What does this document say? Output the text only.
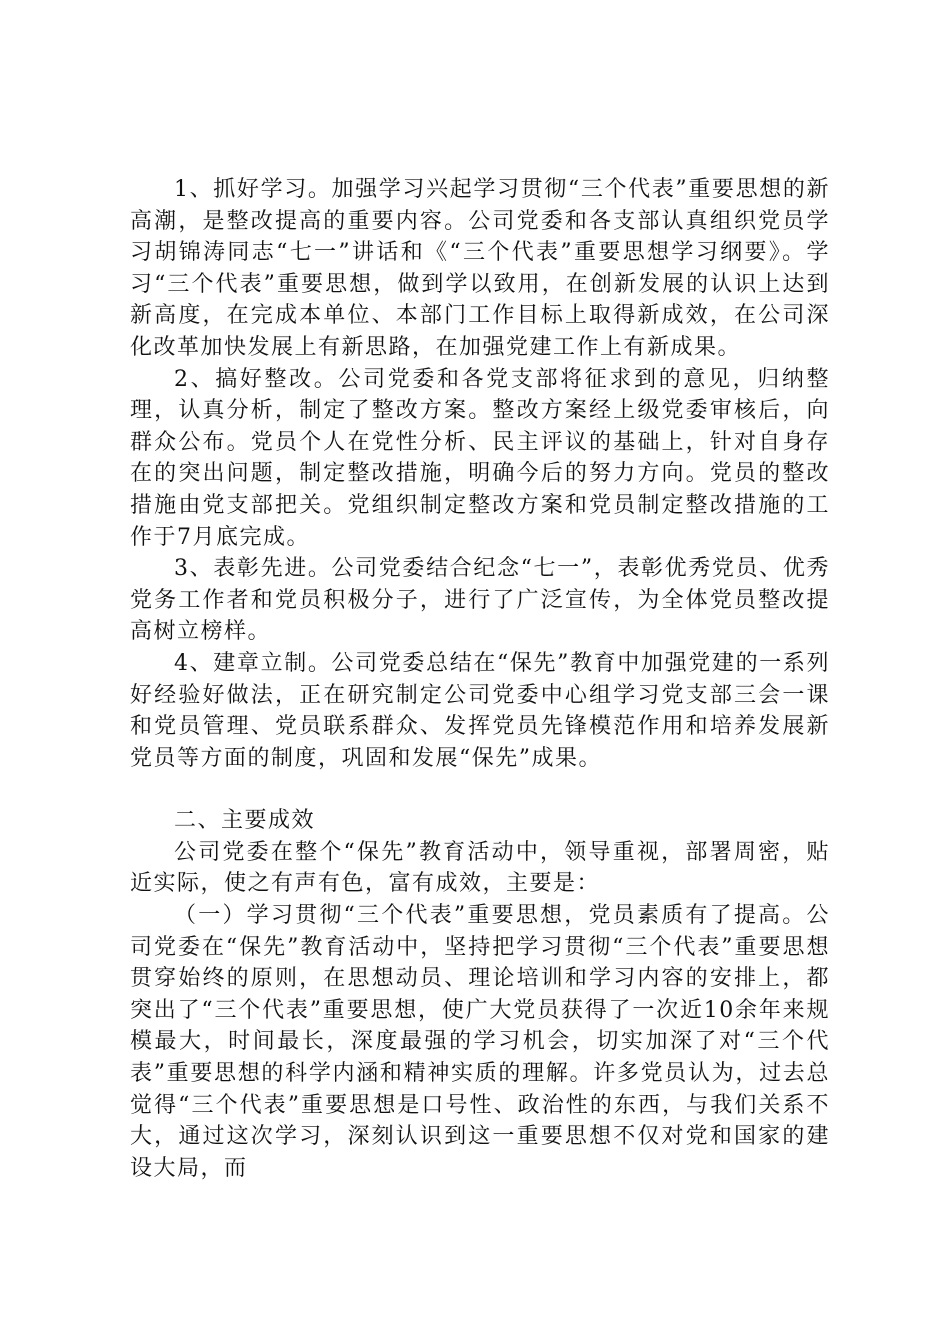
1、抓好学习。加强学习兴起学习贯彻“三个代表”重要思想的新高潮，是整改提高的重要内容。公司党委和各支部认真组织党员学习胡锦涛同志“七一”讲话和《“三个代表”重要思想学习纲要》。学习“三个代表”重要思想，做到学以致用，在创新发展的认识上达到新高度，在完成本单位、本部门工作目标上取得新成效，在公司深化改革加快发展上有新思路，在加强党建工作上有新成果。

2、搞好整改。公司党委和各党支部将征求到的意见，归纳整理，认真分析，制定了整改方案。整改方案经上级党委审核后，向群众公布。党员个人在党性分析、民主评议的基础上，针对自身存在的突出问题，制定整改措施，明确今后的努力方向。党员的整改措施由党支部把关。党组织制定整改方案和党员制定整改措施的工作于7月底完成。

3、表彰先进。公司党委结合纪念“七一”，表彰优秀党员、优秀党务工作者和党员积极分子，进行了广泛宣传，为全体党员整改提高树立榜样。

4、建章立制。公司党委总结在“保先”教育中加强党建的一系列好经验好做法，正在研究制定公司党委中心组学习党支部三会一课和党员管理、党员联系群众、发挥党员先锋模范作用和培养发展新党员等方面的制度，巩固和发展“保先”成果。

二、主要成效

公司党委在整个“保先”教育活动中，领导重视，部署周密，贴近实际，使之有声有色，富有成效，主要是：

（一）学习贯彻“三个代表”重要思想，党员素质有了提高。公司党委在“保先”教育活动中，坚持把学习贯彻“三个代表”重要思想贯穿始终的原则，在思想动员、理论培训和学习内容的安排上，都突出了“三个代表”重要思想，使广大党员获得了一次近10余年来规模最大，时间最长，深度最强的学习机会，切实加深了对“三个代表”重要思想的科学内涵和精神实质的理解。许多党员认为，过去总觉得“三个代表”重要思想是口号性、政治性的东西，与我们关系不大，通过这次学习，深刻认识到这一重要思想不仅对党和国家的建设大局，而
